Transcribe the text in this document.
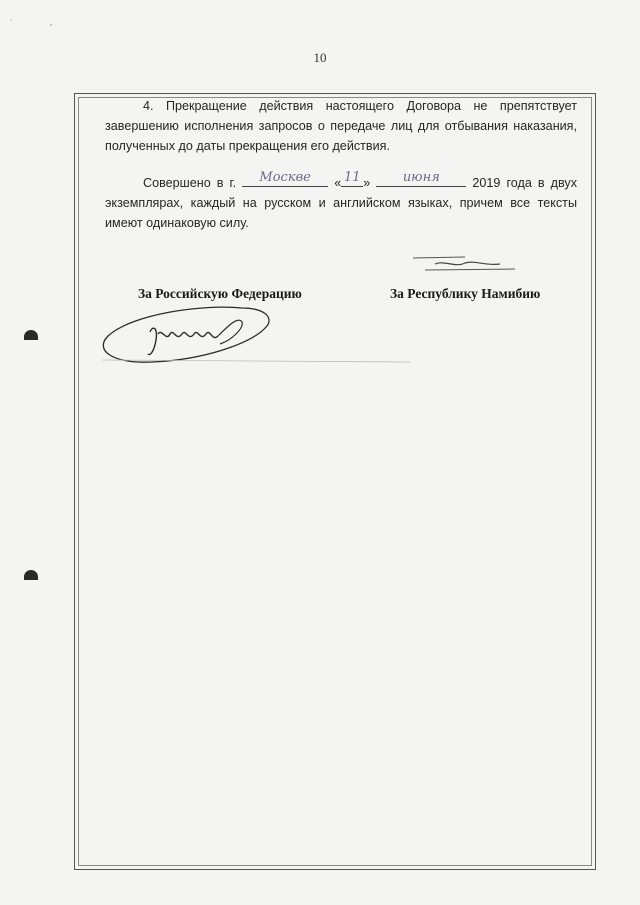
`	,
10
4. Прекращение действия настоящего Договора не препятствует завершению исполнения запросов о передаче лиц для отбывания наказания, полученных до даты прекращения его действия.
Совершено в г.	Москве	« 11 »	июня	2019 года в двух экземплярах, каждый на русском и английском языках, причем все тексты имеют одинаковую силу.
За Российскую Федерацию	За Республику Намибию
